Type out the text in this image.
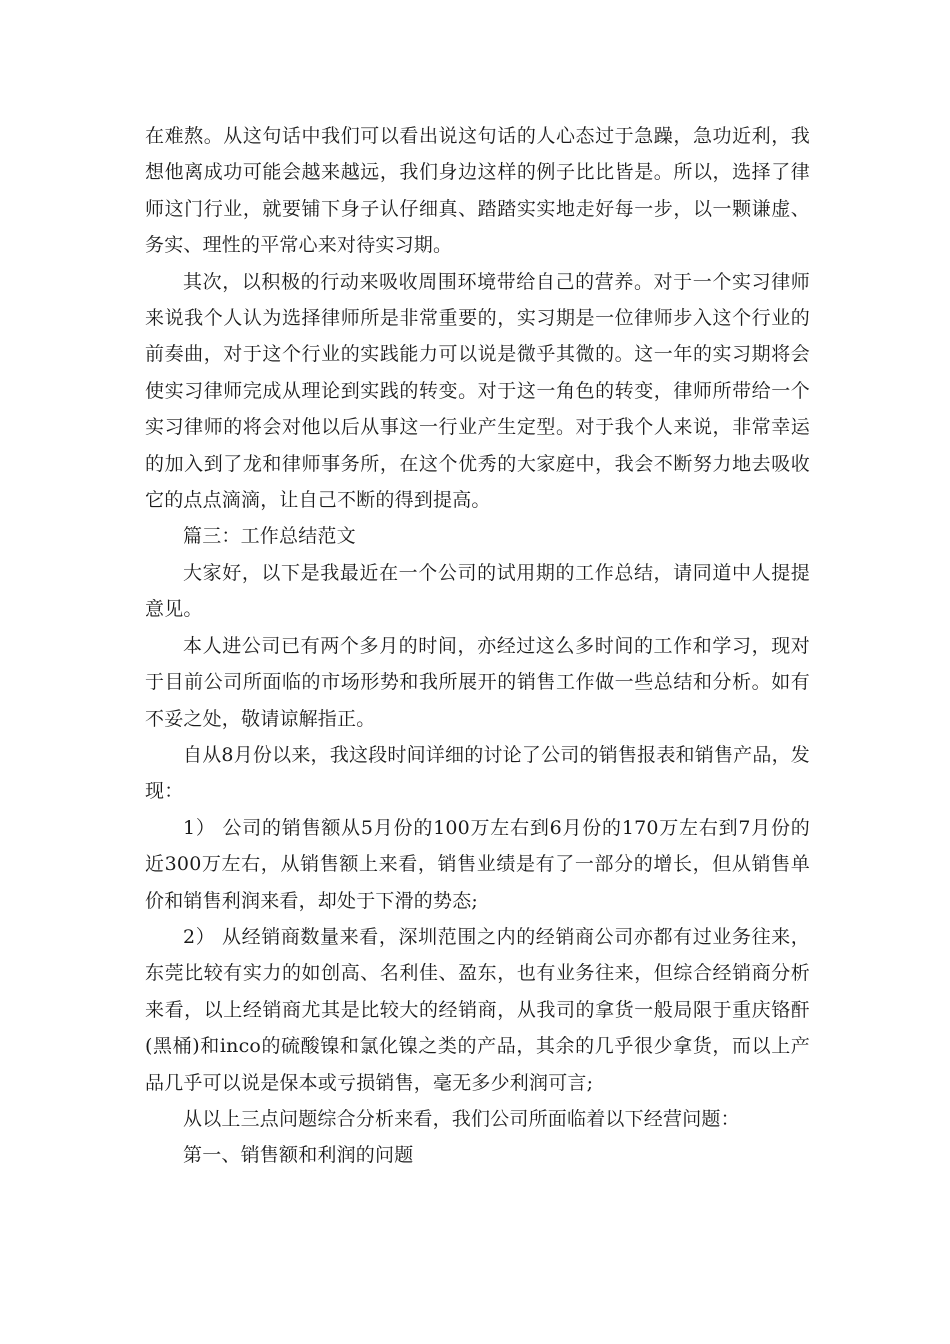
在难熬。从这句话中我们可以看出说这句话的人心态过于急躁，急功近利，我想他离成功可能会越来越远，我们身边这样的例子比比皆是。所以，选择了律师这门行业，就要铺下身子认仔细真、踏踏实实地走好每一步，以一颗谦虚、务实、理性的平常心来对待实习期。

其次，以积极的行动来吸收周围环境带给自己的营养。对于一个实习律师来说我个人认为选择律师所是非常重要的，实习期是一位律师步入这个行业的前奏曲，对于这个行业的实践能力可以说是微乎其微的。这一年的实习期将会使实习律师完成从理论到实践的转变。对于这一角色的转变，律师所带给一个实习律师的将会对他以后从事这一行业产生定型。对于我个人来说，非常幸运的加入到了龙和律师事务所，在这个优秀的大家庭中，我会不断努力地去吸收它的点点滴滴，让自己不断的得到提高。

篇三：工作总结范文

大家好，以下是我最近在一个公司的试用期的工作总结，请同道中人提提意见。

本人进公司已有两个多月的时间，亦经过这么多时间的工作和学习，现对于目前公司所面临的市场形势和我所展开的销售工作做一些总结和分析。如有不妥之处，敬请谅解指正。

自从8月份以来，我这段时间详细的讨论了公司的销售报表和销售产品，发现：

1） 公司的销售额从5月份的100万左右到6月份的170万左右到7月份的近300万左右，从销售额上来看，销售业绩是有了一部分的增长，但从销售单价和销售利润来看，却处于下滑的势态;

2） 从经销商数量来看，深圳范围之内的经销商公司亦都有过业务往来，东莞比较有实力的如创高、名利佳、盈东，也有业务往来，但综合经销商分析来看，以上经销商尤其是比较大的经销商，从我司的拿货一般局限于重庆铬酐(黑桶)和inco的硫酸镍和氯化镍之类的产品，其余的几乎很少拿货，而以上产品几乎可以说是保本或亏损销售，毫无多少利润可言;

从以上三点问题综合分析来看，我们公司所面临着以下经营问题：

第一、销售额和利润的问题
